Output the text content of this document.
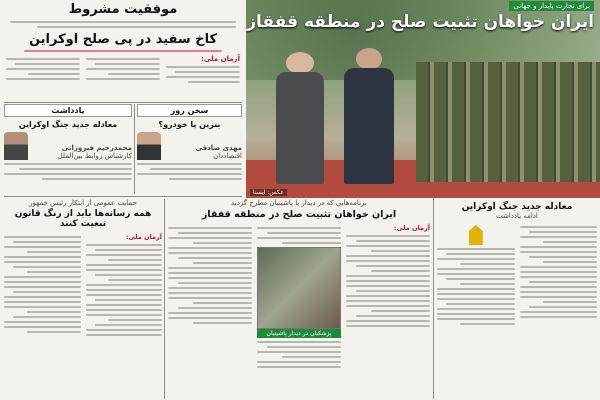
موفقیت مشروط
کاخ سفید در پی صلح اوکراین
آرمان ملی:
برای تجارت پایدار و جهانی
ایران خواهان تثبیت صلح در منطقه قفقاز
عکس: ایسنا
سخن روز
بنزین یا خودرو؟
مهدی صادقی
اقتصاددان
یادداشت
معادله جدید جنگ اوکراین
محمدرحیم فیروزانی
کارشناس روابط بین‌الملل
حمایت عمومی از ابتکار رئیس جمهور
همه رسانه‌ها باید از رنگ قانون تبعیت کنند
آرمان ملی:
برنامه‌هایی که در دیدار با پاشینیان مطرح گردید
ایران خواهان تثبیت صلح در منطقه قفقاز
آرمان ملی:
پزشکیان در دیدار پاشینیان
معادله جدید جنگ اوکراین
ادامه یادداشت
